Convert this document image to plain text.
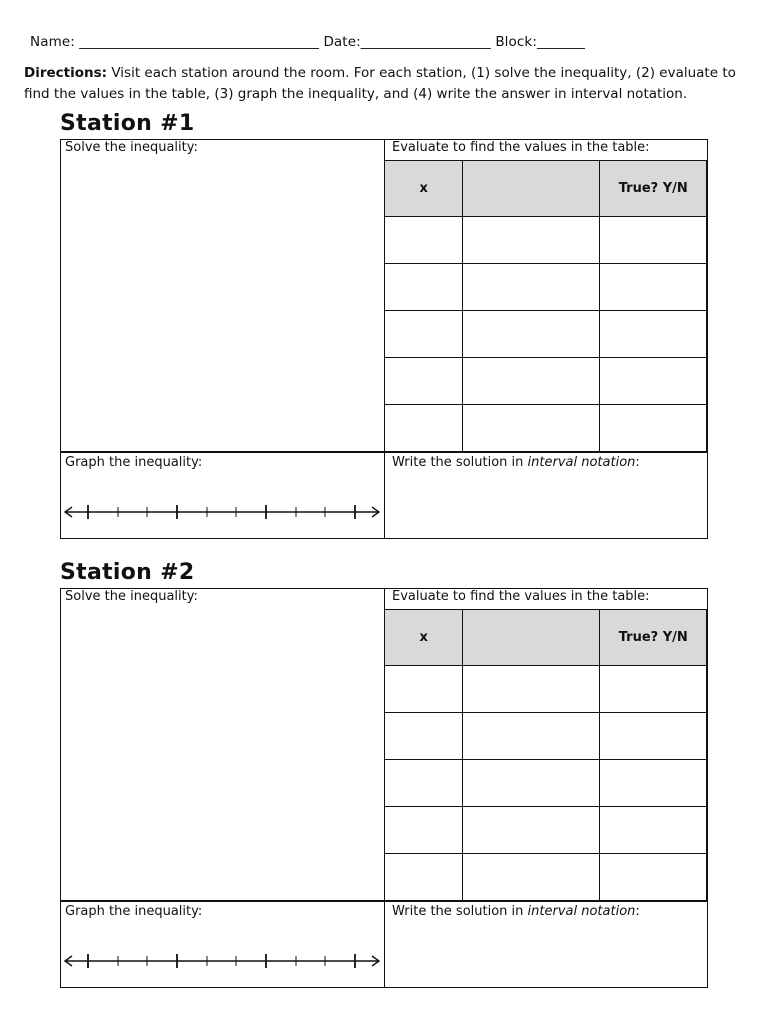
Name: ___________________________________ Date:___________________ Block:_______
Directions: Visit each station around the room. For each station, (1) solve the inequality, (2) evaluate to find the values in the table, (3) graph the inequality, and (4) write the answer in interval notation.
Station #1
Solve the inequality:	Evaluate to find the values in the table:
x		True? Y/N

Graph the inequality:	Write the solution in interval notation:
Station #2
Solve the inequality:	Evaluate to find the values in the table:
x		True? Y/N

Graph the inequality:	Write the solution in interval notation:
